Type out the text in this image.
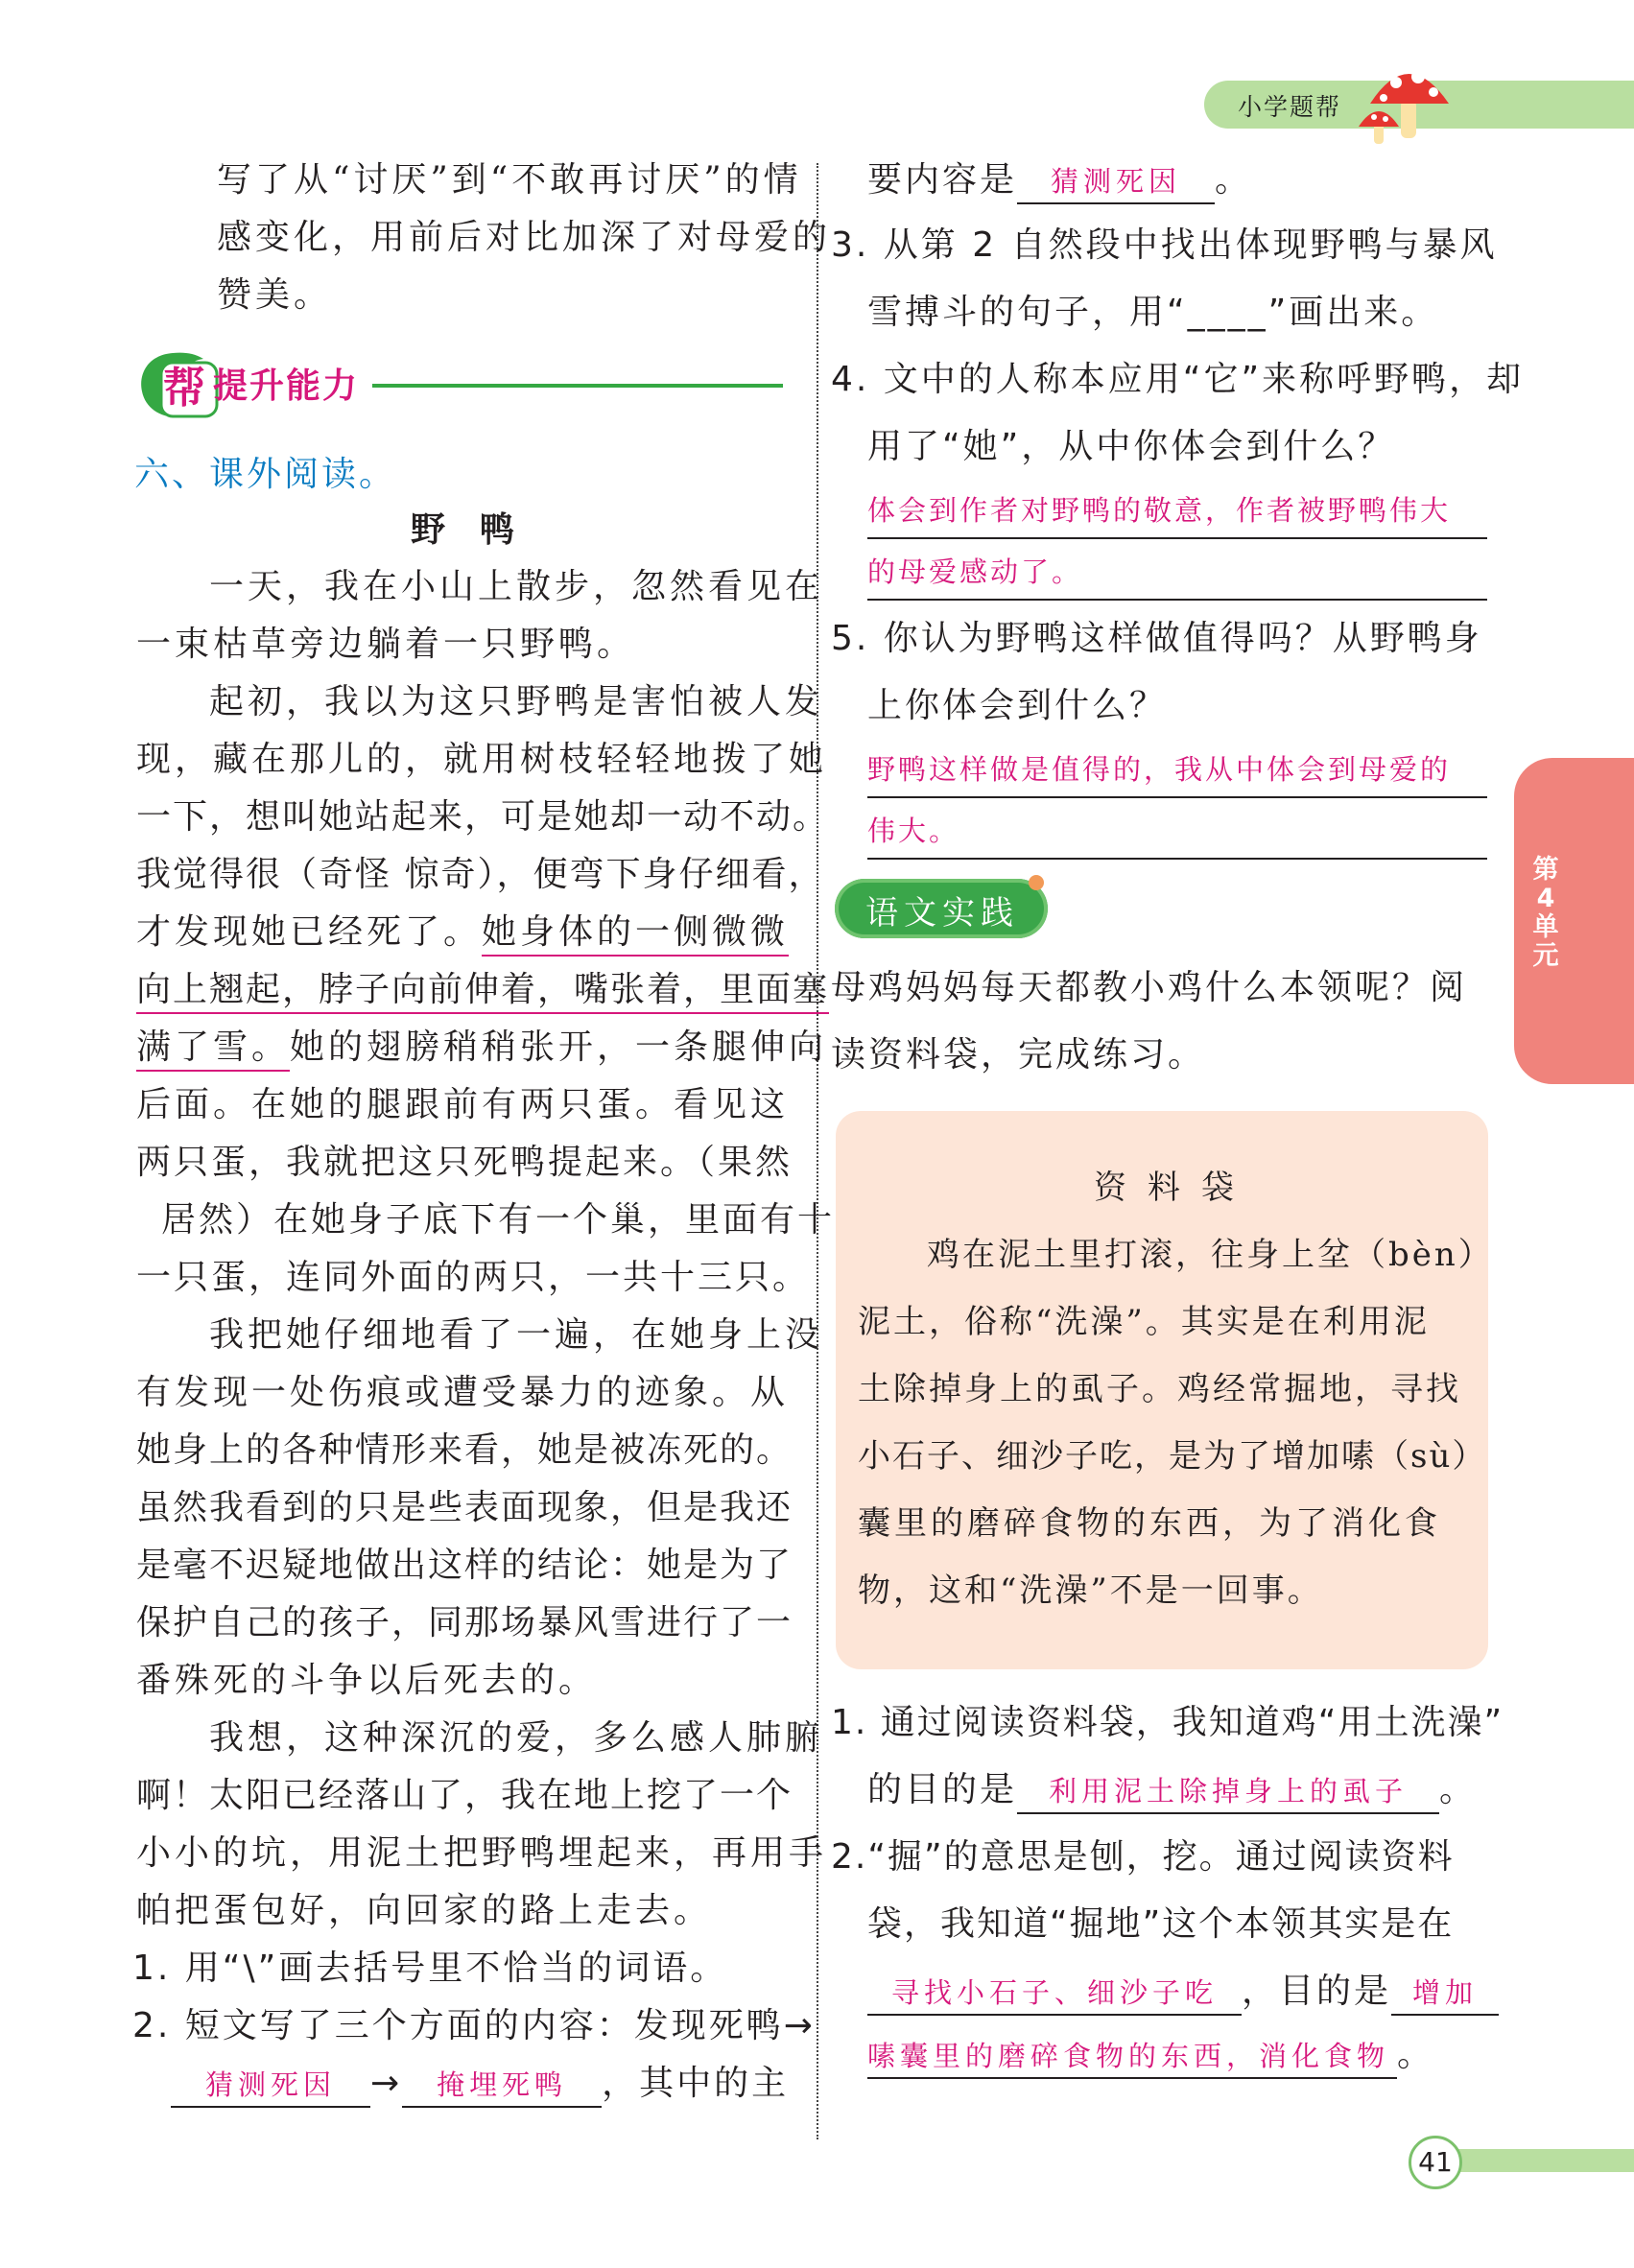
小学题帮
写了从“讨厌”到“不敢再讨厌”的情
感变化，用前后对比加深了对母爱的
赞美。
帮 提升能力
六、课外阅读。
野鸭
一天，我在小山上散步，忽然看见在
一束枯草旁边躺着一只野鸭。
起初，我以为这只野鸭是害怕被人发
现，藏在那儿的，就用树枝轻轻地拨了她
一下，想叫她站起来，可是她却一动不动。
我觉得很（奇怪 惊奇），便弯下身仔细看，
才发现她已经死了。她身体的一侧微微
向上翘起，脖子向前伸着，嘴张着，里面塞
满了雪。她的翅膀稍稍张开，一条腿伸向
后面。在她的腿跟前有两只蛋。看见这
两只蛋，我就把这只死鸭提起来。（果然
居然）在她身子底下有一个巢，里面有十
一只蛋，连同外面的两只，一共十三只。
我把她仔细地看了一遍，在她身上没
有发现一处伤痕或遭受暴力的迹象。从
她身上的各种情形来看，她是被冻死的。
虽然我看到的只是些表面现象，但是我还
是毫不迟疑地做出这样的结论：她是为了
保护自己的孩子，同那场暴风雪进行了一
番殊死的斗争以后死去的。
我想，这种深沉的爱，多么感人肺腑
啊！太阳已经落山了，我在地上挖了一个
小小的坑，用泥土把野鸭埋起来，再用手
帕把蛋包好，向回家的路上走去。
1. 用“\”画去括号里不恰当的词语。
2. 短文写了三个方面的内容：发现死鸭→
猜测死因 → 掩埋死鸭 ，其中的主
要内容是 猜测死因 。
3. 从第 2 自然段中找出体现野鸭与暴风
雪搏斗的句子，用“____”画出来。
4. 文中的人称本应用“它”来称呼野鸭，却
用了“她”，从中你体会到什么？
体会到作者对野鸭的敬意，作者被野鸭伟大
的母爱感动了。
5. 你认为野鸭这样做值得吗？从野鸭身
上你体会到什么？
野鸭这样做是值得的，我从中体会到母爱的
伟大。
语文实践
母鸡妈妈每天都教小鸡什么本领呢？阅
读资料袋，完成练习。
资料袋
鸡在泥土里打滚，往身上坌（bèn）
泥土，俗称“洗澡”。其实是在利用泥
土除掉身上的虱子。鸡经常掘地，寻找
小石子、细沙子吃，是为了增加嗉（sù）
囊里的磨碎食物的东西，为了消化食
物，这和“洗澡”不是一回事。
1. 通过阅读资料袋，我知道鸡“用土洗澡”
的目的是 利用泥土除掉身上的虱子 。
2.“掘”的意思是刨，挖。通过阅读资料
袋，我知道“掘地”这个本领其实是在
寻找小石子、细沙子吃 ，目的是 增加
嗉囊里的磨碎食物的东西，消化食物 。
第4单元
41
